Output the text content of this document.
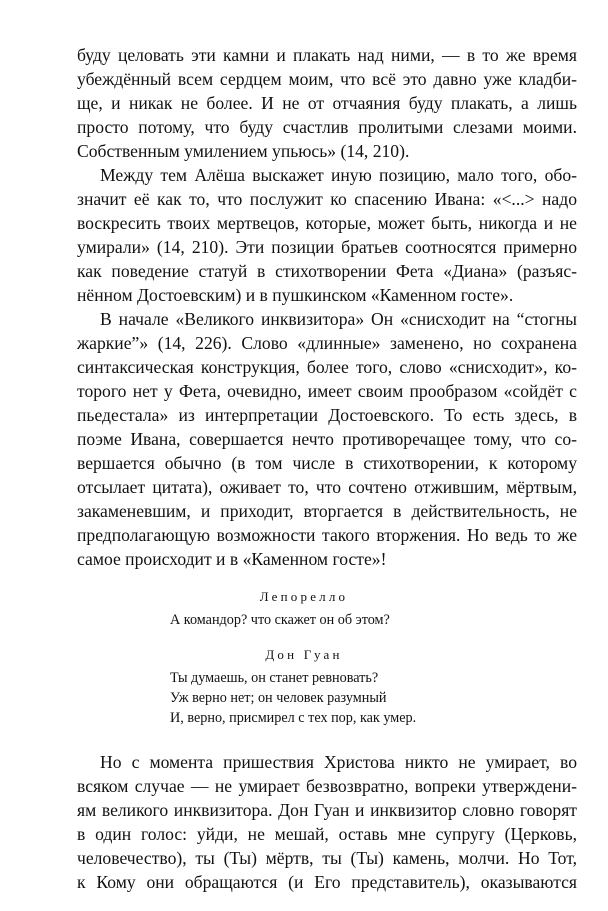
буду целовать эти камни и плакать над ними, — в то же время
убеждённый всем сердцем моим, что всё это давно уже кладби-
ще, и никак не более. И не от отчаяния буду плакать, а лишь
просто потому, что буду счастлив пролитыми слезами моими.
Собственным умилением упьюсь» (14, 210).
Между тем Алёша выскажет иную позицию, мало того, обо-
значит её как то, что послужит ко спасению Ивана: «<...> надо
воскресить твоих мертвецов, которые, может быть, никогда и не
умирали» (14, 210). Эти позиции братьев соотносятся примерно
как поведение статуй в стихотворении Фета «Диана» (разъяс-
нённом Достоевским) и в пушкинском «Каменном госте».
В начале «Великого инквизитора» Он «снисходит на “стогны
жаркие”» (14, 226). Слово «длинные» заменено, но сохранена
синтаксическая конструкция, более того, слово «снисходит», ко-
торого нет у Фета, очевидно, имеет своим прообразом «сойдёт с
пьедестала» из интерпретации Достоевского. То есть здесь, в
поэме Ивана, совершается нечто противоречащее тому, что со-
вершается обычно (в том числе в стихотворении, к которому
отсылает цитата), оживает то, что сочтено отжившим, мёртвым,
закаменевшим, и приходит, вторгается в действительность, не
предполагающую возможности такого вторжения. Но ведь то же
самое происходит и в «Каменном госте»!
Лепорелло
А командор? что скажет он об этом?
Дон Гуан
Ты думаешь, он станет ревновать?
Уж верно нет; он человек разумный
И, верно, присмирел с тех пор, как умер.
Но с момента пришествия Христова никто не умирает, во
всяком случае — не умирает безвозвратно, вопреки утверждени-
ям великого инквизитора. Дон Гуан и инквизитор словно говорят
в один голос: уйди, не мешай, оставь мне супругу (Церковь,
человечество), ты (Ты) мёртв, ты (Ты) камень, молчи. Но Тот,
к Кому они обращаются (и Его представитель), оказываются
